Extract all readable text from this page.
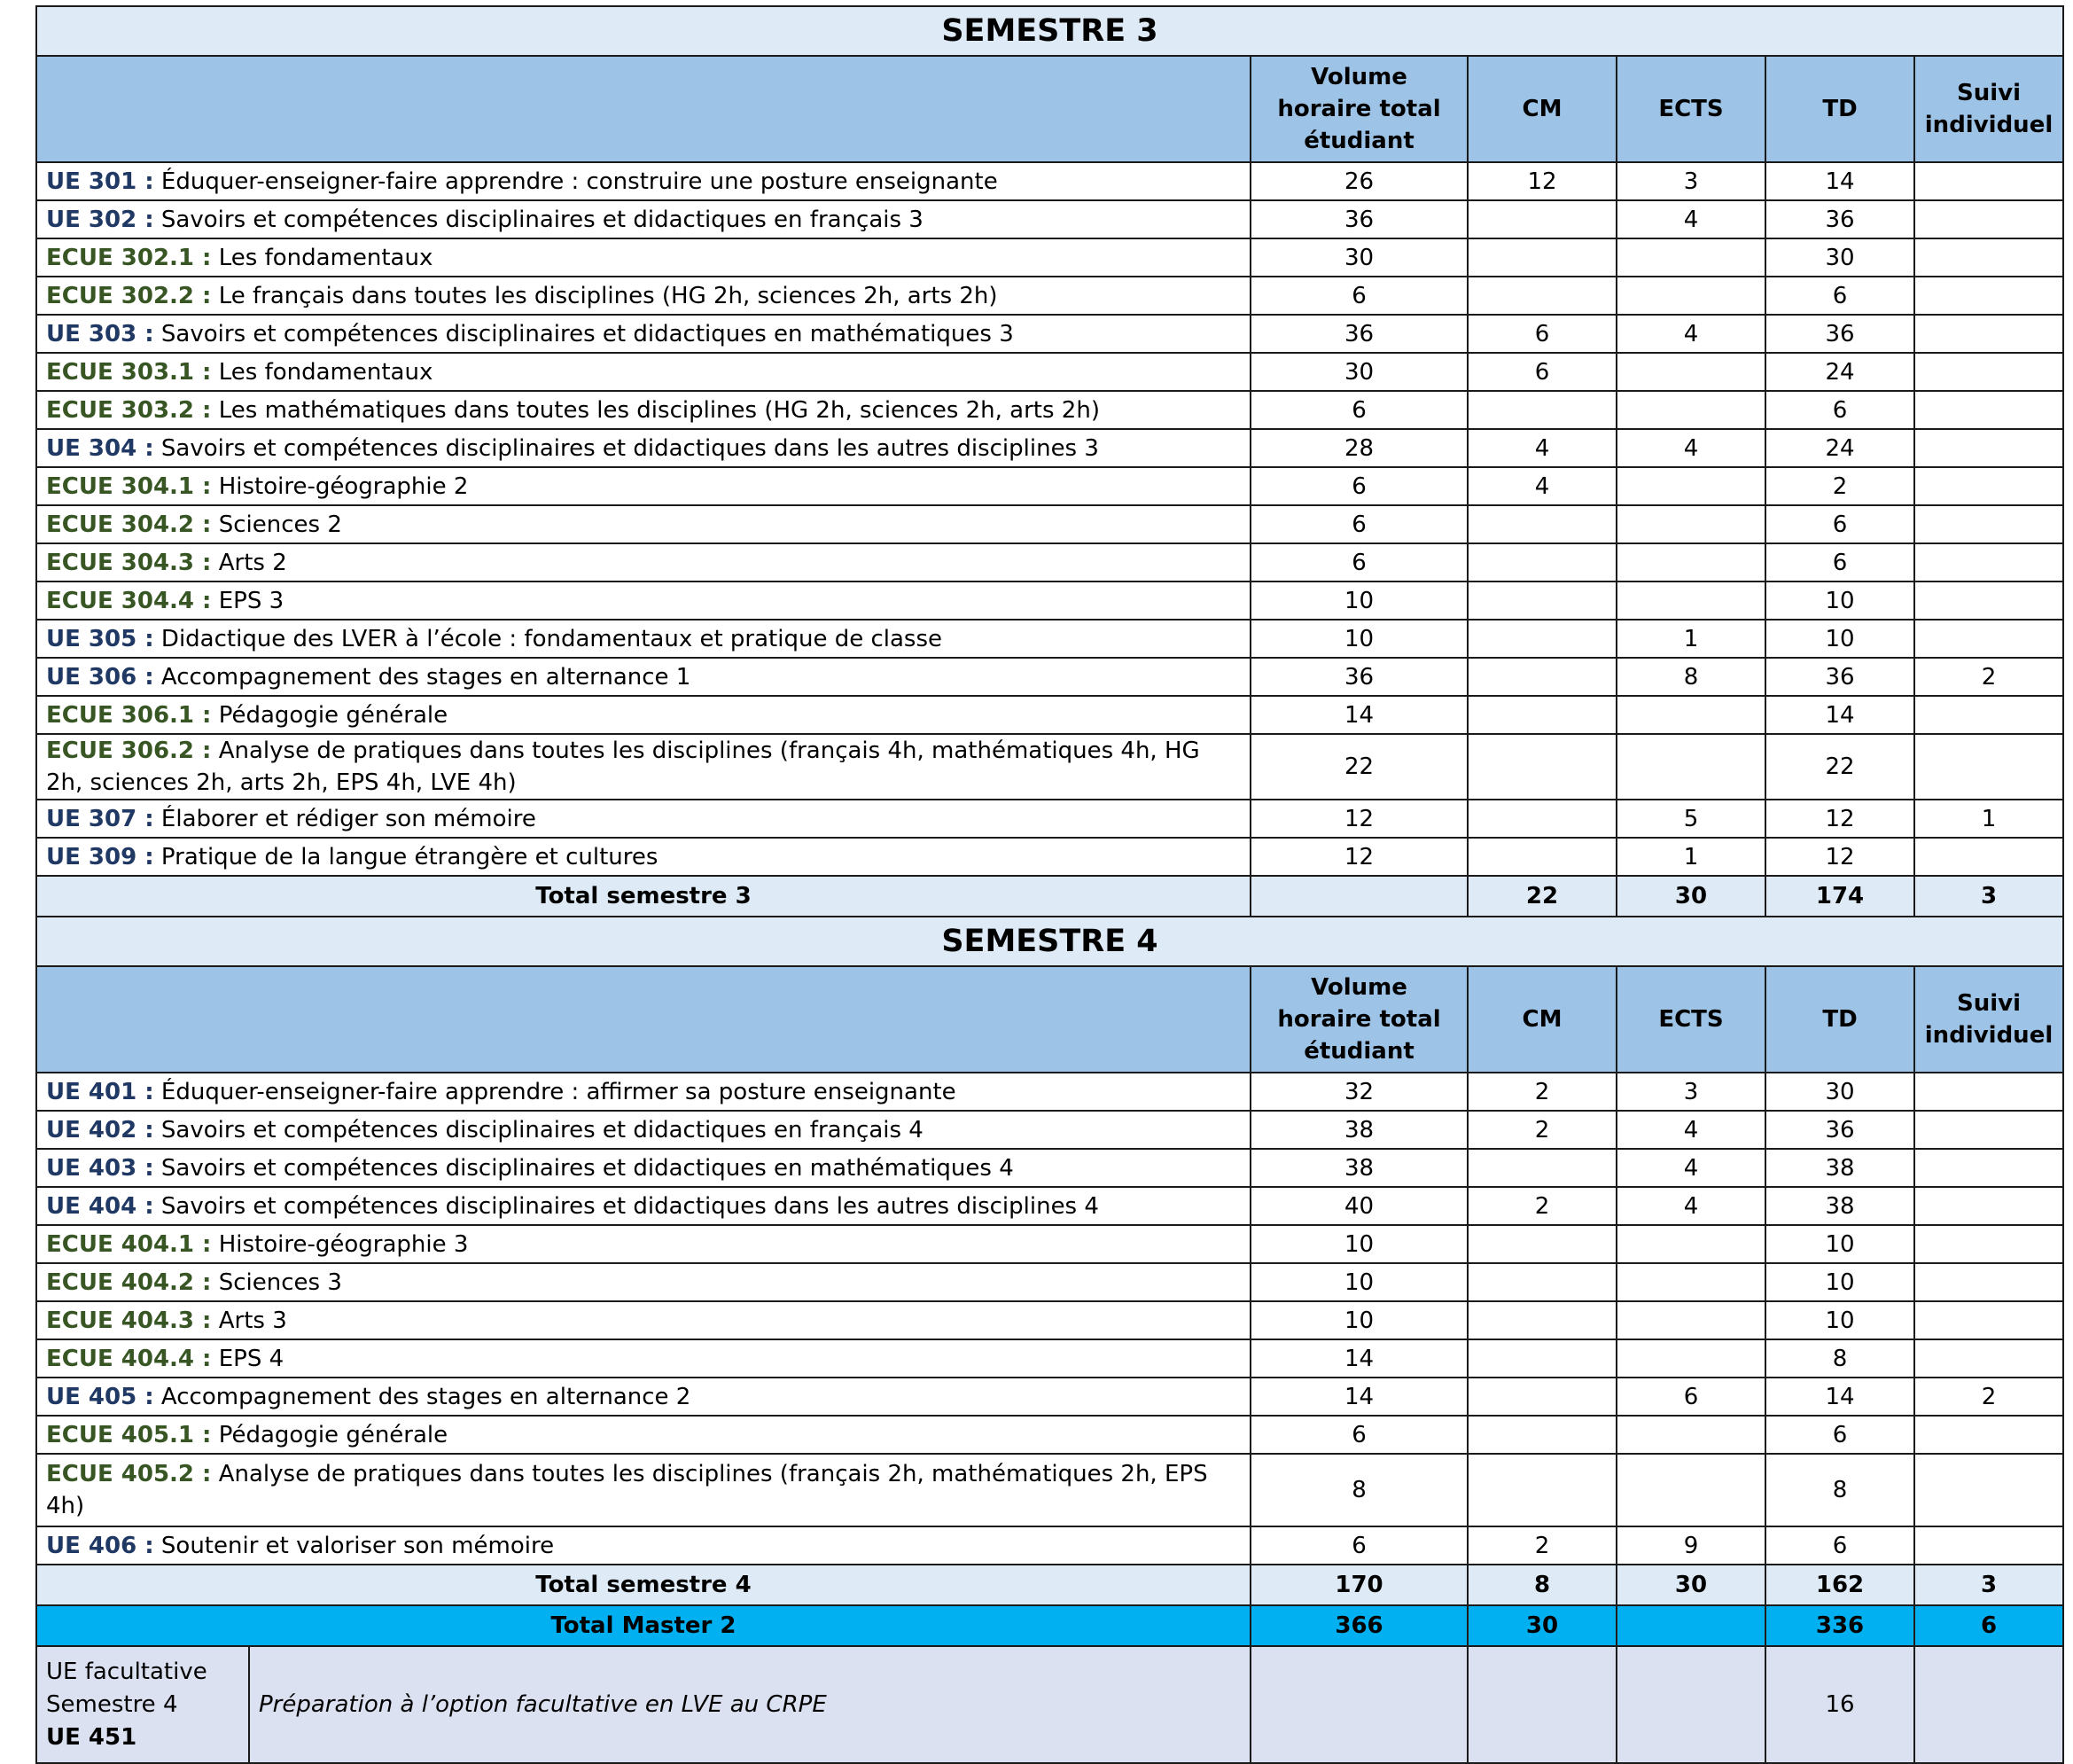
SEMESTRE 3						
		Volume horaire total étudiant	CM	ECTS	TD	Suivi individuel
UE 301 : Éduquer-enseigner-faire apprendre : construire une posture enseignante		26	12	3	14	
UE 302 : Savoirs et compétences disciplinaires et didactiques en français 3		36		4	36	
ECUE 302.1 : Les fondamentaux		30			30	
ECUE 302.2 : Le français dans toutes les disciplines (HG 2h, sciences 2h, arts 2h)		6			6	
UE 303 : Savoirs et compétences disciplinaires et didactiques en mathématiques 3		36	6	4	36	
ECUE 303.1 : Les fondamentaux		30	6		24	
ECUE 303.2 : Les mathématiques dans toutes les disciplines (HG 2h, sciences 2h, arts 2h)		6			6	
UE 304 : Savoirs et compétences disciplinaires et didactiques dans les autres disciplines 3		28	4	4	24	
ECUE 304.1 : Histoire-géographie 2		6	4		2	
ECUE 304.2 : Sciences 2		6			6	
ECUE 304.3 : Arts 2		6			6	
ECUE 304.4 : EPS 3		10			10	
UE 305 : Didactique des LVER à l’école : fondamentaux et pratique de classe		10		1	10	
UE 306 : Accompagnement des stages en alternance 1		36		8	36	2
ECUE 306.1 : Pédagogie générale		14			14	
ECUE 306.2 : Analyse de pratiques dans toutes les disciplines (français 4h, mathématiques 4h, HG 2h, sciences 2h, arts 2h, EPS 4h, LVE 4h)		22			22	
UE 307 : Élaborer et rédiger son mémoire		12		5	12	1
UE 309 : Pratique de la langue étrangère et cultures		12		1	12	
Total semestre 3			22	30	174	3
SEMESTRE 4						
		Volume horaire total étudiant	CM	ECTS	TD	Suivi individuel
UE 401 : Éduquer-enseigner-faire apprendre : affirmer sa posture enseignante		32	2	3	30	
UE 402 : Savoirs et compétences disciplinaires et didactiques en français 4		38	2	4	36	
UE 403 : Savoirs et compétences disciplinaires et didactiques en mathématiques 4		38		4	38	
UE 404 : Savoirs et compétences disciplinaires et didactiques dans les autres disciplines 4		40	2	4	38	
ECUE 404.1 : Histoire-géographie 3		10			10	
ECUE 404.2 : Sciences 3		10			10	
ECUE 404.3 : Arts 3		10			10	
ECUE 404.4 : EPS 4		14			8	
UE 405 : Accompagnement des stages en alternance 2		14		6	14	2
ECUE 405.1 : Pédagogie générale		6			6	
ECUE 405.2 : Analyse de pratiques dans toutes les disciplines (français 2h, mathématiques 2h, EPS 4h)		8			8	
UE 406 : Soutenir et valoriser son mémoire		6	2	9	6	
Total semestre 4		170	8	30	162	3
Total Master 2		366	30		336	6
UE facultative
Semestre 4
UE 451	Préparation à l’option facultative en LVE au CRPE				16	
